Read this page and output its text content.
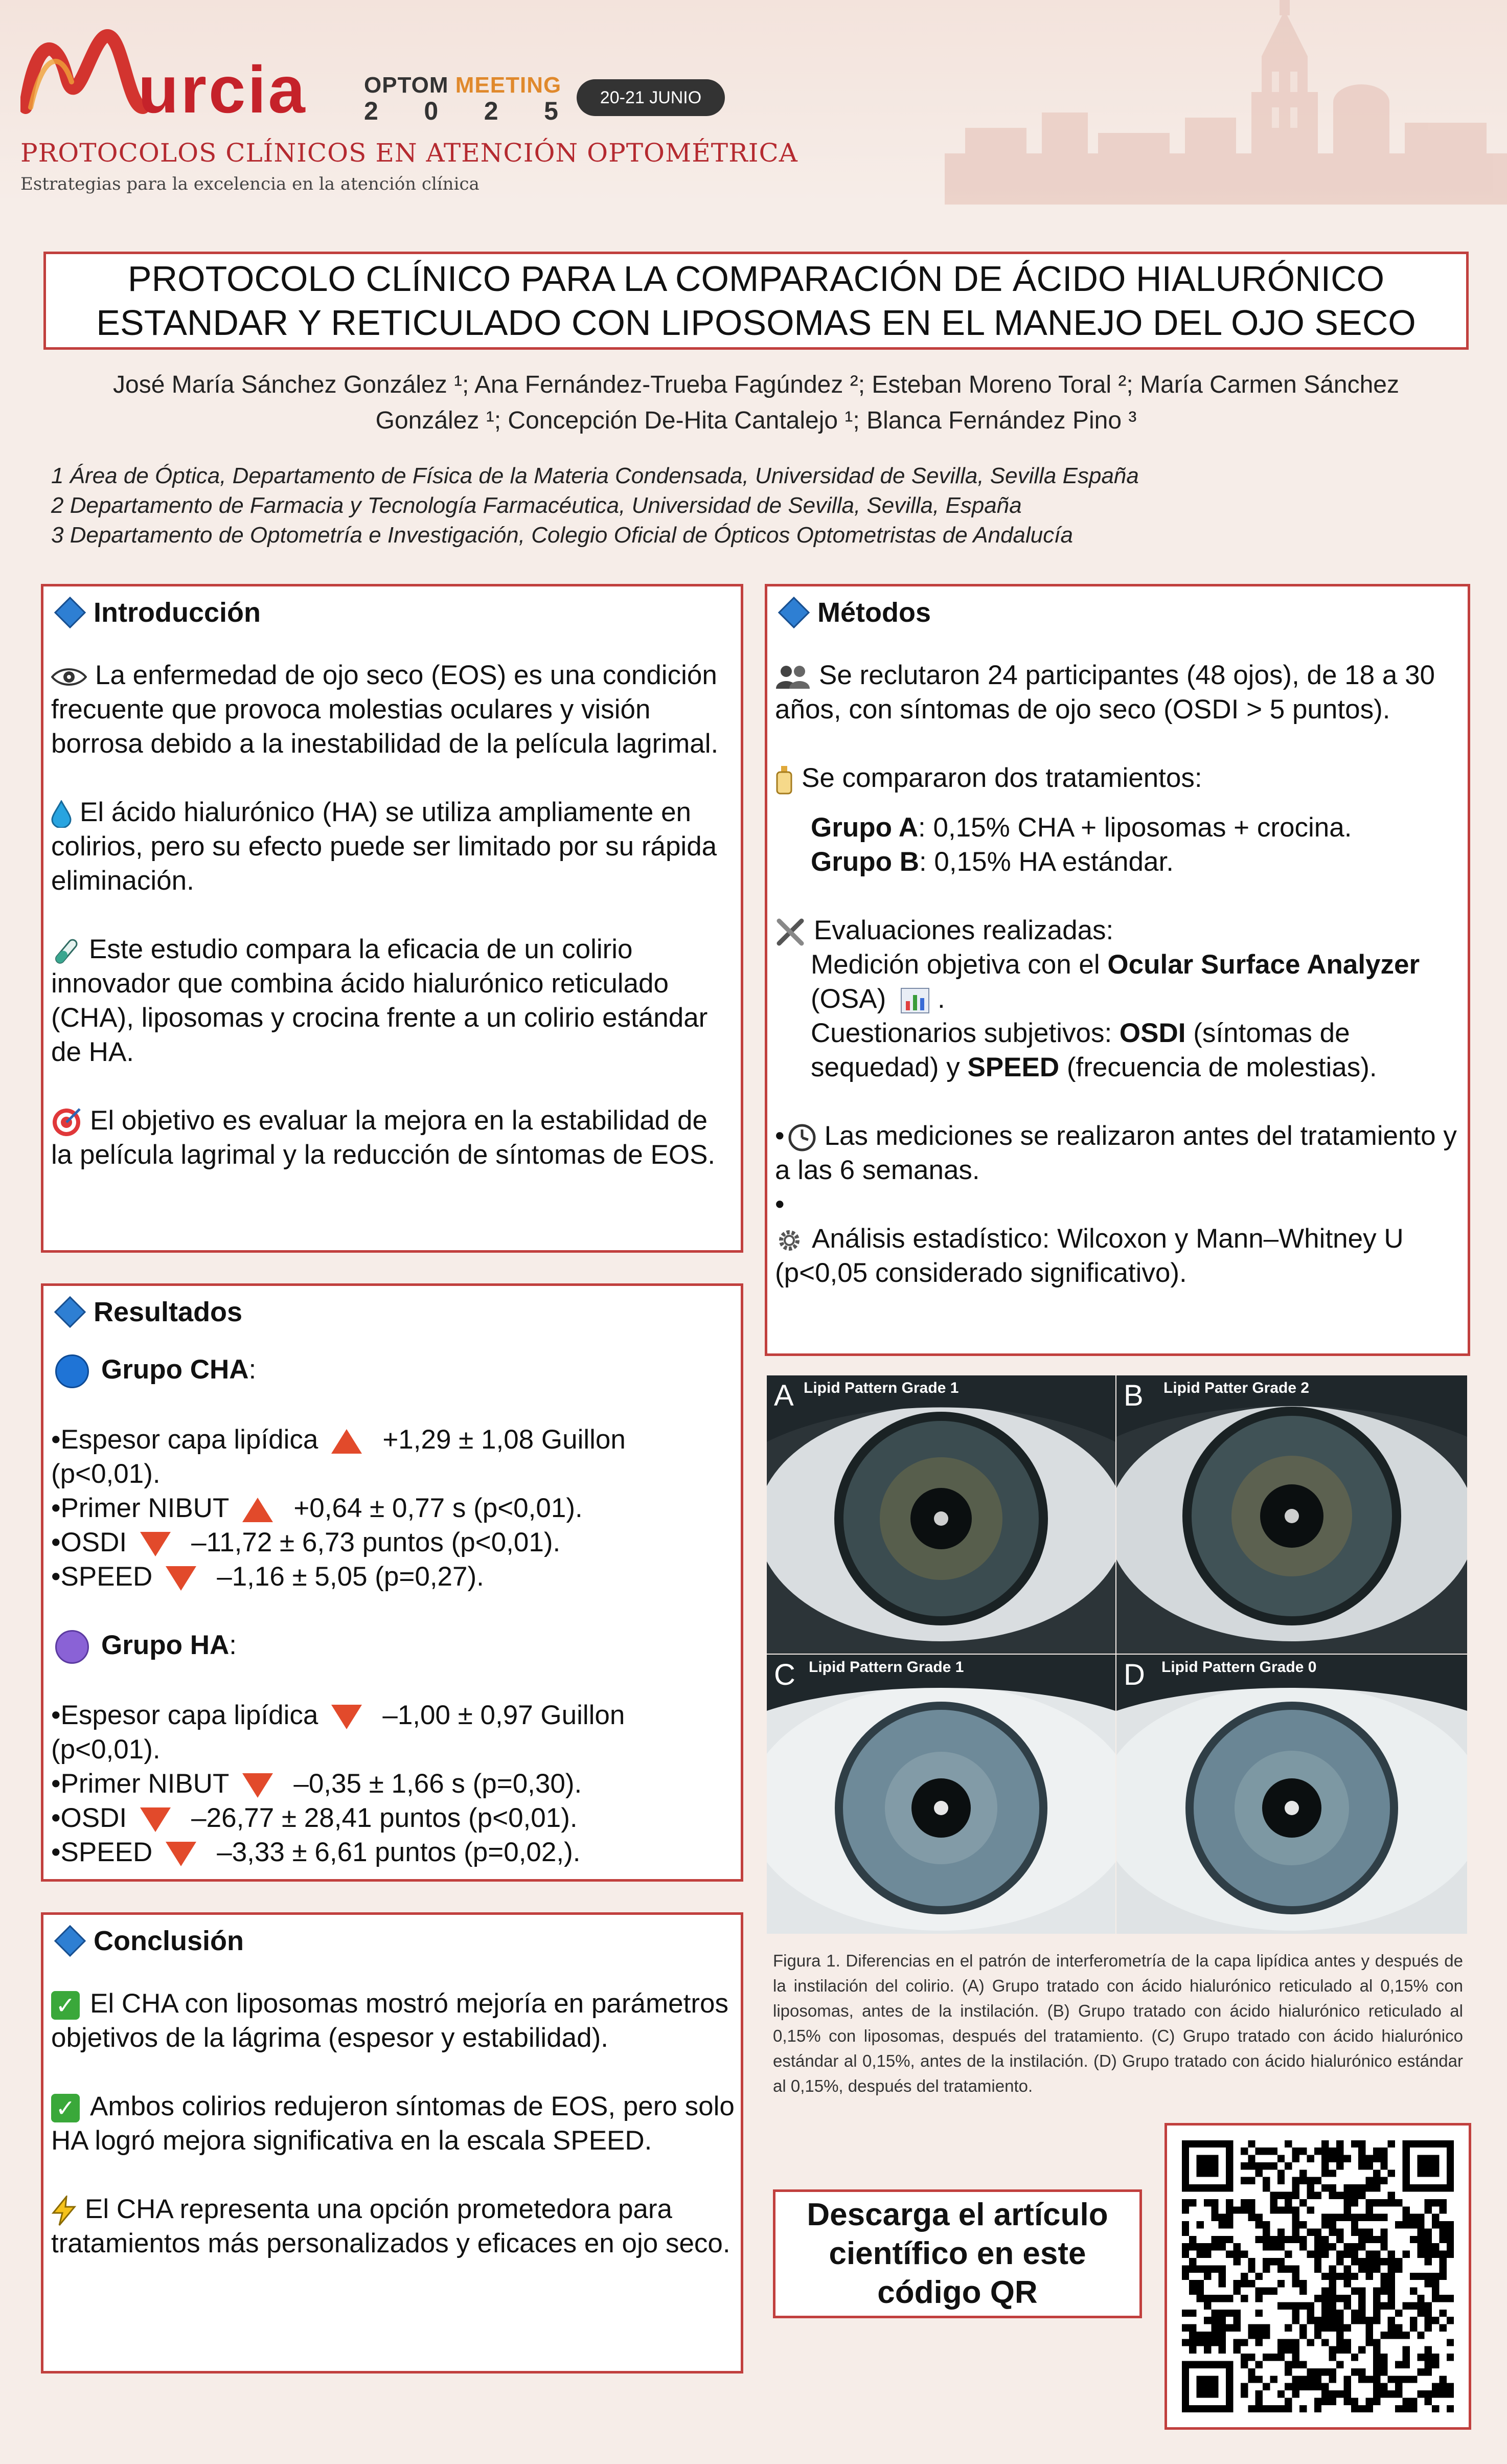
urcia	OPTOM MEETING
2 0 2 5	20-21 JUNIO
PROTOCOLOS CLÍNICOS EN ATENCIÓN OPTOMÉTRICA
Estrategias para la excelencia en la atención clínica
PROTOCOLO CLÍNICO PARA LA COMPARACIÓN DE ÁCIDO HIALURÓNICO
ESTANDAR Y RETICULADO CON LIPOSOMAS EN EL MANEJO DEL OJO SECO
José María Sánchez González ¹; Ana Fernández-Trueba Fagúndez ²; Esteban Moreno Toral ²; María Carmen Sánchez
González ¹; Concepción De-Hita Cantalejo ¹; Blanca Fernández Pino ³
1 Área de Óptica, Departamento de Física de la Materia Condensada, Universidad de Sevilla, Sevilla España
2 Departamento de Farmacia y Tecnología Farmacéutica, Universidad de Sevilla, Sevilla, España
3 Departamento de Optometría e Investigación, Colegio Oficial de Ópticos Optometristas de Andalucía
Introducción

La enfermedad de ojo seco (EOS) es una condición frecuente que provoca molestias oculares y visión borrosa debido a la inestabilidad de la película lagrimal.

El ácido hialurónico (HA) se utiliza ampliamente en colirios, pero su efecto puede ser limitado por su rápida eliminación.

Este estudio compara la eficacia de un colirio innovador que combina ácido hialurónico reticulado (CHA), liposomas y crocina frente a un colirio estándar de HA.

El objetivo es evaluar la mejora en la estabilidad de la película lagrimal y la reducción de síntomas de EOS.

Métodos

Se reclutaron 24 participantes (48 ojos), de 18 a 30 años, con síntomas de ojo seco (OSDI > 5 puntos).

Se compararon dos tratamientos:

Grupo A: 0,15% CHA + liposomas + crocina.
Grupo B: 0,15% HA estándar.
Evaluaciones realizadas:
Medición objetiva con el Ocular Surface Analyzer
(OSA) .
Cuestionarios subjetivos: OSDI (síntomas de
sequedad) y SPEED (frecuencia de molestias).
• Las mediciones se realizaron antes del tratamiento y a las 6 semanas.
•
Análisis estadístico: Wilcoxon y Mann–Whitney U (p<0,05 considerado significativo).
Resultados
Grupo CHA:
•Espesor capa lipídica +1,29 ± 1,08 Guillon
(p<0,01).
•Primer NIBUT +0,64 ± 0,77 s (p<0,01).
•OSDI –11,72 ± 6,73 puntos (p<0,01).
•SPEED –1,16 ± 5,05 (p=0,27).
Grupo HA:
•Espesor capa lipídica –1,00 ± 0,97 Guillon
(p<0,01).
•Primer NIBUT –0,35 ± 1,66 s (p=0,30).
•OSDI –26,77 ± 28,41 puntos (p<0,01).
•SPEED –3,33 ± 6,61 puntos (p=0,02,).
Conclusión

✓ El CHA con liposomas mostró mejoría en parámetros objetivos de la lágrima (espesor y estabilidad).

✓ Ambos colirios redujeron síntomas de EOS, pero solo HA logró mejora significativa en la escala SPEED.

El CHA representa una opción prometedora para tratamientos más personalizados y eficaces en ojo seco.

A Lipid Pattern Grade 1	B Lipid Patter Grade 2
C Lipid Pattern Grade 1	D Lipid Pattern Grade 0
Figura 1. Diferencias en el patrón de interferometría de la capa lipídica antes y después de la instilación del colirio. (A) Grupo tratado con ácido hialurónico reticulado al 0,15% con liposomas, antes de la instilación. (B) Grupo tratado con ácido hialurónico reticulado al 0,15% con liposomas, después del tratamiento. (C) Grupo tratado con ácido hialurónico estándar al 0,15%, antes de la instilación. (D) Grupo tratado con ácido hialurónico estándar al 0,15%, después del tratamiento.
Descarga el artículo
científico en este
código QR
